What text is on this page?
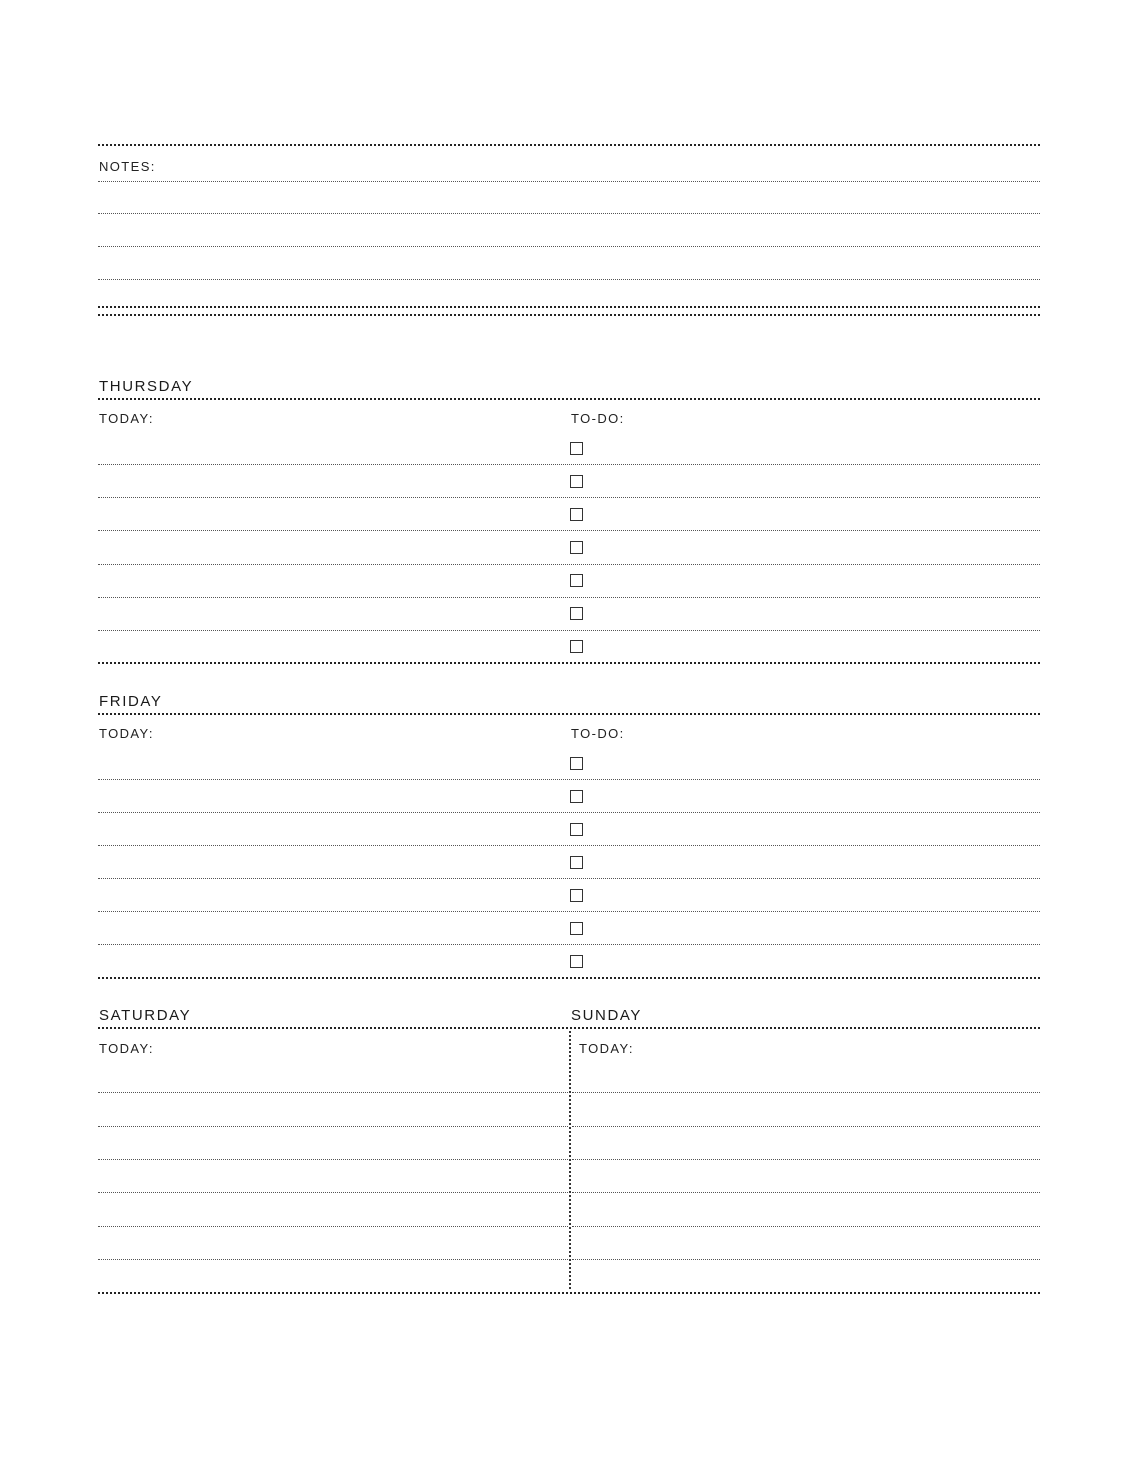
NOTES:
THURSDAY
TODAY:	TO-DO:
FRIDAY
TODAY:	TO-DO:
SATURDAY	SUNDAY
TODAY:	TODAY:
